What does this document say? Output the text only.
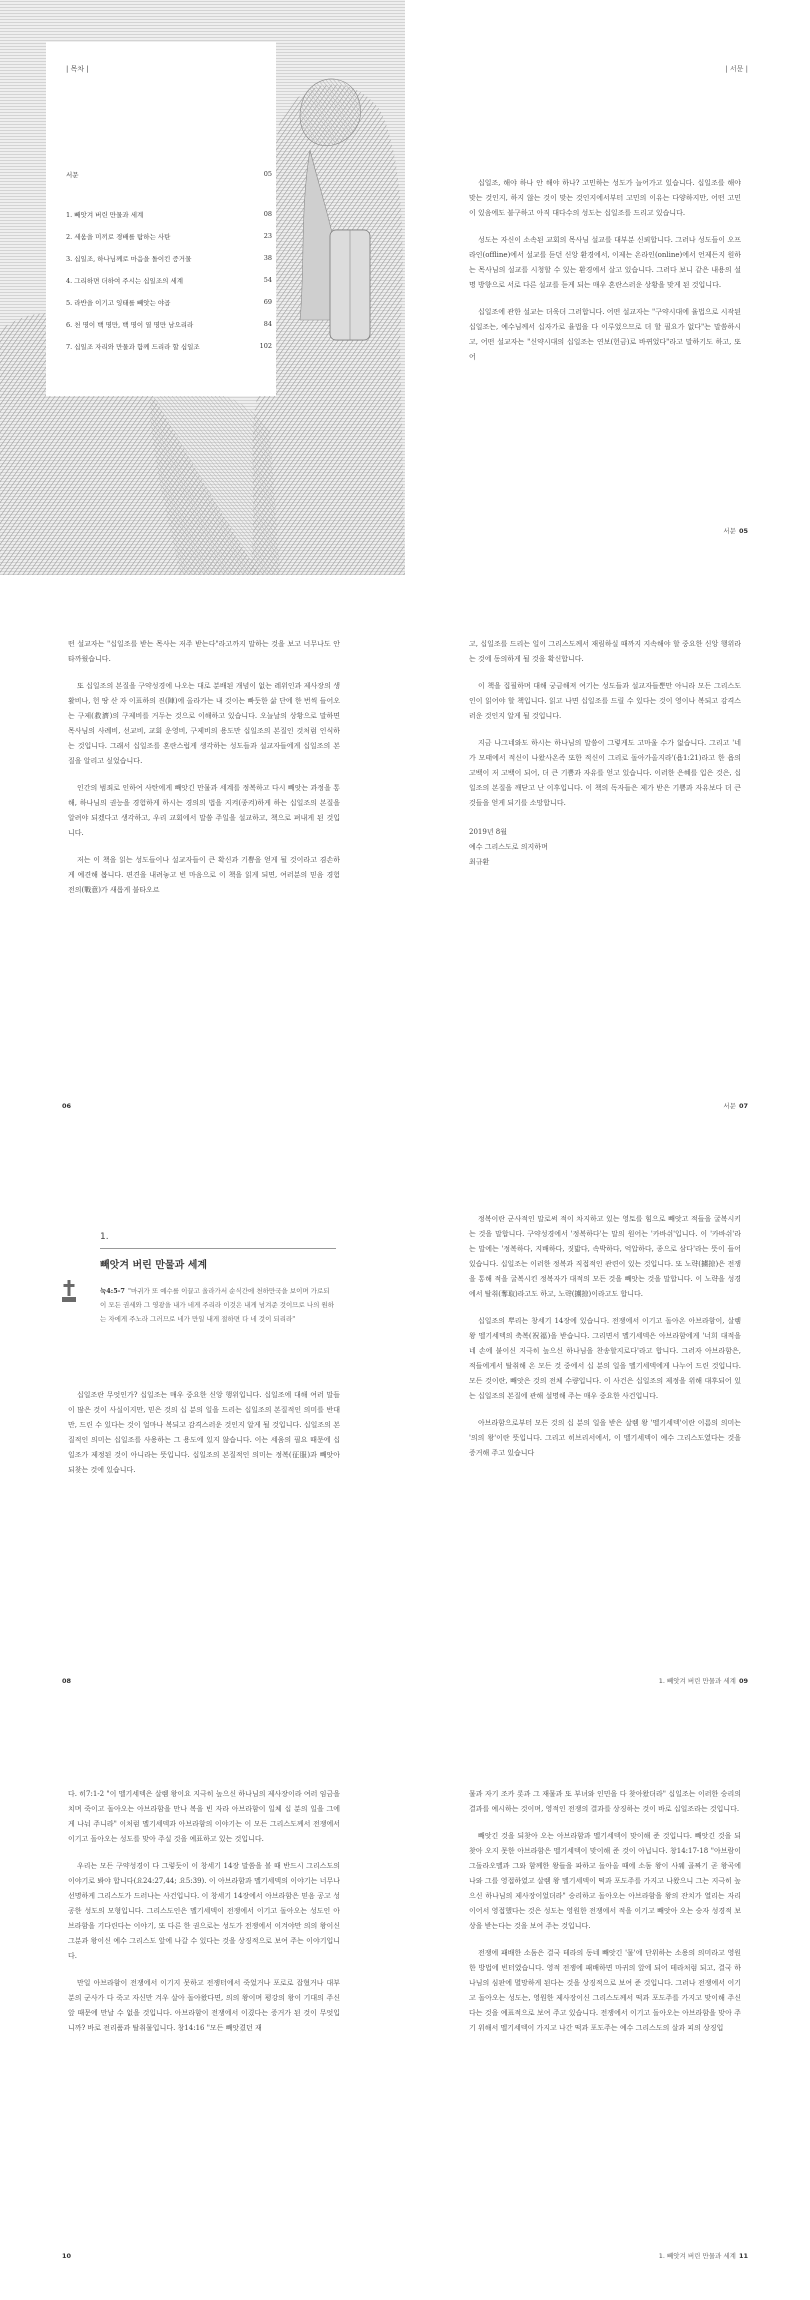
| 목차 |
서문	05
1. 빼앗겨 버린 만물과 세계	08
2. 세움을 미끼로 경배를 탐하는 사탄	23
3. 십일조, 하나님께로 마음을 돌이킨 증거물	38
4. 그리하면 더하여 주시는 십일조의 세계	54
5. 라반을 이기고 잉태를 빼앗는 야곱	69
6. 천 명이 백 명만, 백 명이 열 명만 남으리라	84
7. 십일조 자리와 만물과 함께 드리라 할 십일조	102
| 서문 |

십일조, 해야 하나 안 해야 하나? 고민하는 성도가 늘어가고 있습니다. 십일조를 해야 맞는 것인지, 하지 않는 것이 맞는 것인지에서부터 고민의 이유는 다양하지만, 어떤 고민이 있음에도 불구하고 아직 대다수의 성도는 십일조를 드리고 있습니다.

성도는 자신이 소속된 교회의 목사님 설교를 대부분 신뢰합니다. 그러나 성도들이 오프라인(offline)에서 설교를 듣던 신앙 환경에서, 이제는 온라인(online)에서 언제든지 원하는 목사님의 설교를 시청할 수 있는 환경에서 살고 있습니다. 그러다 보니 같은 내용의 설명 방향으로 서로 다른 설교를 듣게 되는 매우 혼란스러운 상황을 맞게 된 것입니다.

십일조에 관한 설교는 더욱더 그러합니다. 어떤 설교자는 "구약시대에 율법으로 시작된 십일조는, 예수님께서 십자가로 율법을 다 이루었으므로 더 할 필요가 없다"는 말씀하시고, 어떤 설교자는 "신약시대의 십일조는 연보(헌금)로 바뀌었다"라고 말하기도 하고, 또 어

서문 05

떤 설교자는 "십일조를 받는 목사는 저주 받는다"라고까지 말하는 것을 보고 너무나도 안타까웠습니다.

또 십일조의 본질을 구약성경에 나오는 대로 분배된 개념이 없는 레위인과 제사장의 생활비나, 헌 땅 산 자 이표하의 진(陣)에 올라가는 내 것이는 빠듯한 삶 단에 한 번씩 들어오는 구제(救濟)의 구제비를 거두는 것으로 이해하고 있습니다. 오늘날의 상황으로 말하면 목사님의 사례비, 선교비, 교회 운영비, 구제비의 용도만 십일조의 본질인 것처럼 인식하는 것입니다. 그래서 십일조를 혼란스럽게 생각하는 성도들과 설교자들에게 십일조의 본질을 알리고 싶었습니다.

인간의 범죄로 인하여 사탄에게 빼앗긴 만물과 세계를 정복하고 다시 빼앗는 과정을 통해, 하나님의 권능을 경험하게 하시는 경의의 법을 지켜(종켜)하게 하는 십일조의 본질을 알려야 되겠다고 생각하고, 우리 교회에서 말씀 주일을 설교하고, 책으로 펴내게 된 것입니다.

저는 이 책을 읽는 성도들이나 설교자들이 큰 확신과 기쁨을 얻게 될 것이라고 겸손하게 예견해 봅니다. 편견을 내려놓고 빈 마음으로 이 책을 읽게 되면, 여러분의 믿음 경험 전의(戰意)가 새롭게 불타오르

06

고, 십일조를 드리는 일이 그리스도께서 재림하실 때까지 지속해야 할 중요한 신앙 행위라는 것에 동의하게 될 것을 확신합니다.

이 책을 집필하며 대해 궁금해져 여기는 성도들과 설교자들뿐만 아니라 모든 그리스도인이 읽어야 할 책입니다. 읽고 나면 십일조를 드릴 수 있다는 것이 영이나 복되고 감격스러운 것인지 알게 될 것입니다.

지금 나그네와도 하시는 하나님의 말씀이 그렇게도 고마울 수가 없습니다. 그리고 '네가 모태에서 적신이 나왔사온즉 또한 적신이 그리로 돌아가올지라'(욥1:21)라고 한 욥의 고백이 저 고백이 되어, 더 큰 기쁨과 자유를 얻고 있습니다. 이러한 은혜를 입은 것은, 십일조의 본질을 깨닫고 난 이후입니다. 이 책의 독자들은 제가 받은 기쁨과 자유보다 더 큰 것들을 얻게 되기를 소망합니다.

2019년 8월

예수 그리스도로 의지하며

최규환

서문 07
1.
빼앗겨 버린 만물과 세계
눅4:5-7 "마귀가 또 예수를 이끌고 올라가서 순식간에 천하만국을 보이며 가로되 이 모든 권세와 그 영광을 내가 네게 주리라 이것은 내게 넘겨준 것이므로 나의 원하는 자에게 주노라 그러므로 네가 만일 내게 절하면 다 네 것이 되리라"

십일조란 무엇인가? 십일조는 매우 중요한 신앙 행위입니다. 십일조에 대해 여러 말들이 많은 것이 사실이지만, 믿은 것의 십 분의 일을 드리는 십일조의 본질적인 의미를 반대만, 드린 수 있다는 것이 얼마나 복되고 감격스러운 것인지 알게 될 것입니다. 십일조의 본질적인 의미는 십일조를 사용하는 그 용도에 있지 않습니다. 이는 세움의 필요 때문에 십일조가 제정된 것이 아니라는 뜻입니다. 십일조의 본질적인 의미는 정복(征服)과 빼앗아 되찾는 것에 있습니다.

08

정복이란 군사적인 말로써 적이 차지하고 있는 영토를 힘으로 빼앗고 적들을 굴복시키는 것을 말합니다. 구약성경에서 '정복하다'는 말의 원어는 '카바쉬'입니다. 이 '카바쉬'라는 말에는 '정복하다, 지배하다, 짓밟다, 속박하다, 억압하다, 종으로 삼다'라는 뜻이 들어 있습니다. 십일조는 이러한 정복과 직접적인 관련이 있는 것입니다. 또 노략(擄掠)은 전쟁을 통해 적을 굴복시킨 정복자가 대적의 모든 것을 빼앗는 것을 말합니다. 이 노략을 성경에서 탈취(奪取)라고도 하고, 노략(擄掠)이라고도 합니다.

십일조의 뿌리는 창세기 14장에 있습니다. 전쟁에서 이기고 돌아온 아브라함이, 살렘 왕 멜기세덱의 축복(祝福)을 받습니다. 그리면서 멜기세덱은 아브라함에게 '너희 대적을 네 손에 붙이신 지극히 높으신 하나님을 찬송할지로다'라고 합니다. 그러자 아브라함은, 적들에게서 탈취해 온 모든 것 중에서 십 분의 일을 멜기세덱에게 나누어 드린 것입니다. 모든 것이란, 빼앗은 것의 전체 수량입니다. 이 사건은 십일조의 제정을 위해 대후되어 있는 십일조의 본질에 관해 설명해 주는 매우 중요한 사건입니다.

아브라함으로부터 모든 것의 십 분의 일을 받은 살렘 왕 '멜기세덱'이란 이름의 의미는 '의의 왕'이란 뜻입니다. 그리고 히브리서에서, 이 멜기세덱이 예수 그리스도였다는 것을 증거해 주고 있습니다

1. 빼앗겨 버린 만물과 세계 09

다. 히7:1-2 "이 멜기세덱은 살렘 왕이요 지극히 높으신 하나님의 제사장이라 여러 임금을 치며 죽이고 돌아오는 아브라함을 만나 복을 빈 자라 아브라함이 일체 십 분의 일을 그에게 나눠 주니라" 이처럼 멜기세덱과 아브라함의 이야기는 이 모든 그리스도께서 전쟁에서 이기고 돌아오는 성도를 맞아 주실 것을 예표하고 있는 것입니다.

우리는 모든 구약성경이 다 그렇듯이 이 창세기 14장 말씀을 볼 때 반드시 그리스도의 이야기로 봐야 합니다(요24:27,44; 요5:39). 이 아브라함과 멜기세덱의 이야기는 너무나 선명하게 그리스도가 드러나는 사건입니다. 이 창세기 14장에서 아브라함은 믿음 공고 성공한 성도의 모형입니다. 그리스도인은 멜기세덱이 전쟁에서 이기고 돌아오는 성도인 아브라함을 기다린다는 이야기, 또 다른 한 권으로는 성도가 전쟁에서 이겨야만 의의 왕이신 그분과 왕이신 예수 그리스도 앞에 나갈 수 있다는 것을 상징적으로 보여 주는 이야기입니다.

만일 아브라함이 전쟁에서 이기지 못하고 전쟁터에서 죽었거나 포로로 잡혔거나 대부분의 군사가 다 죽고 자신만 겨우 살아 돌아왔다면, 의의 왕이며 평강의 왕이 기대의 주신 앞 때문에 만날 수 없을 것입니다. 아브라함이 전쟁에서 이겼다는 증거가 된 것이 무엇입니까? 바로 전리품과 탈취물입니다. 창14:16 "모든 빼앗겼던 재

10

물과 자기 조카 롯과 그 재물과 또 부녀와 인민을 다 찾아왔더라" 십일조는 이러한 승리의 결과를 예시하는 것이며, 영적인 전쟁의 결과를 상징하는 것이 바로 십일조라는 것입니다.

빼앗긴 것을 되찾아 오는 아브라함과 멜기세덱이 맞이해 준 것입니다. 빼앗긴 것을 되찾아 오지 못한 아브라함은 멜기세덱이 맞이해 준 것이 아닙니다. 창14:17-18 "아브람이 그돌라오멜과 그와 함께한 왕들을 파하고 돌아올 때에 소돔 왕이 사웨 골짜기 곧 왕곡에 나와 그를 영접하였고 살렘 왕 멜기세덱이 떡과 포도주를 가지고 나왔으니 그는 지극히 높으신 하나님의 제사장이었더라" 승리하고 돌아오는 아브라함을 왕의 잔치가 열리는 자리이어서 영접했다는 것은 성도는 영원한 전쟁에서 적을 이기고 빼앗아 오는 승자 성경적 보상을 받는다는 것을 보여 주는 것입니다.

전쟁에 패배한 소돔은 결국 테라의 동네 빼앗긴 '물'에 단위하는 소용의 의미라고 영원한 방법에 빈터였습니다. 영적 전쟁에 패배하면 마귀의 앞에 되어 테라처럼 되고, 결국 하나님의 심판에 멸망하게 된다는 것을 상징적으로 보여 준 것입니다. 그러나 전쟁에서 이기고 돌아오는 성도는, 영원한 제사장이신 그리스도께서 떡과 포도주를 가지고 맞이해 주신다는 것을 예표적으로 보여 주고 있습니다. 전쟁에서 이기고 돌아오는 아브라함을 맞아 주기 위해서 멜기세덱이 가지고 나간 떡과 포도주는 예수 그리스도의 살과 피의 상징입

1. 빼앗겨 버린 만물과 세계 11
